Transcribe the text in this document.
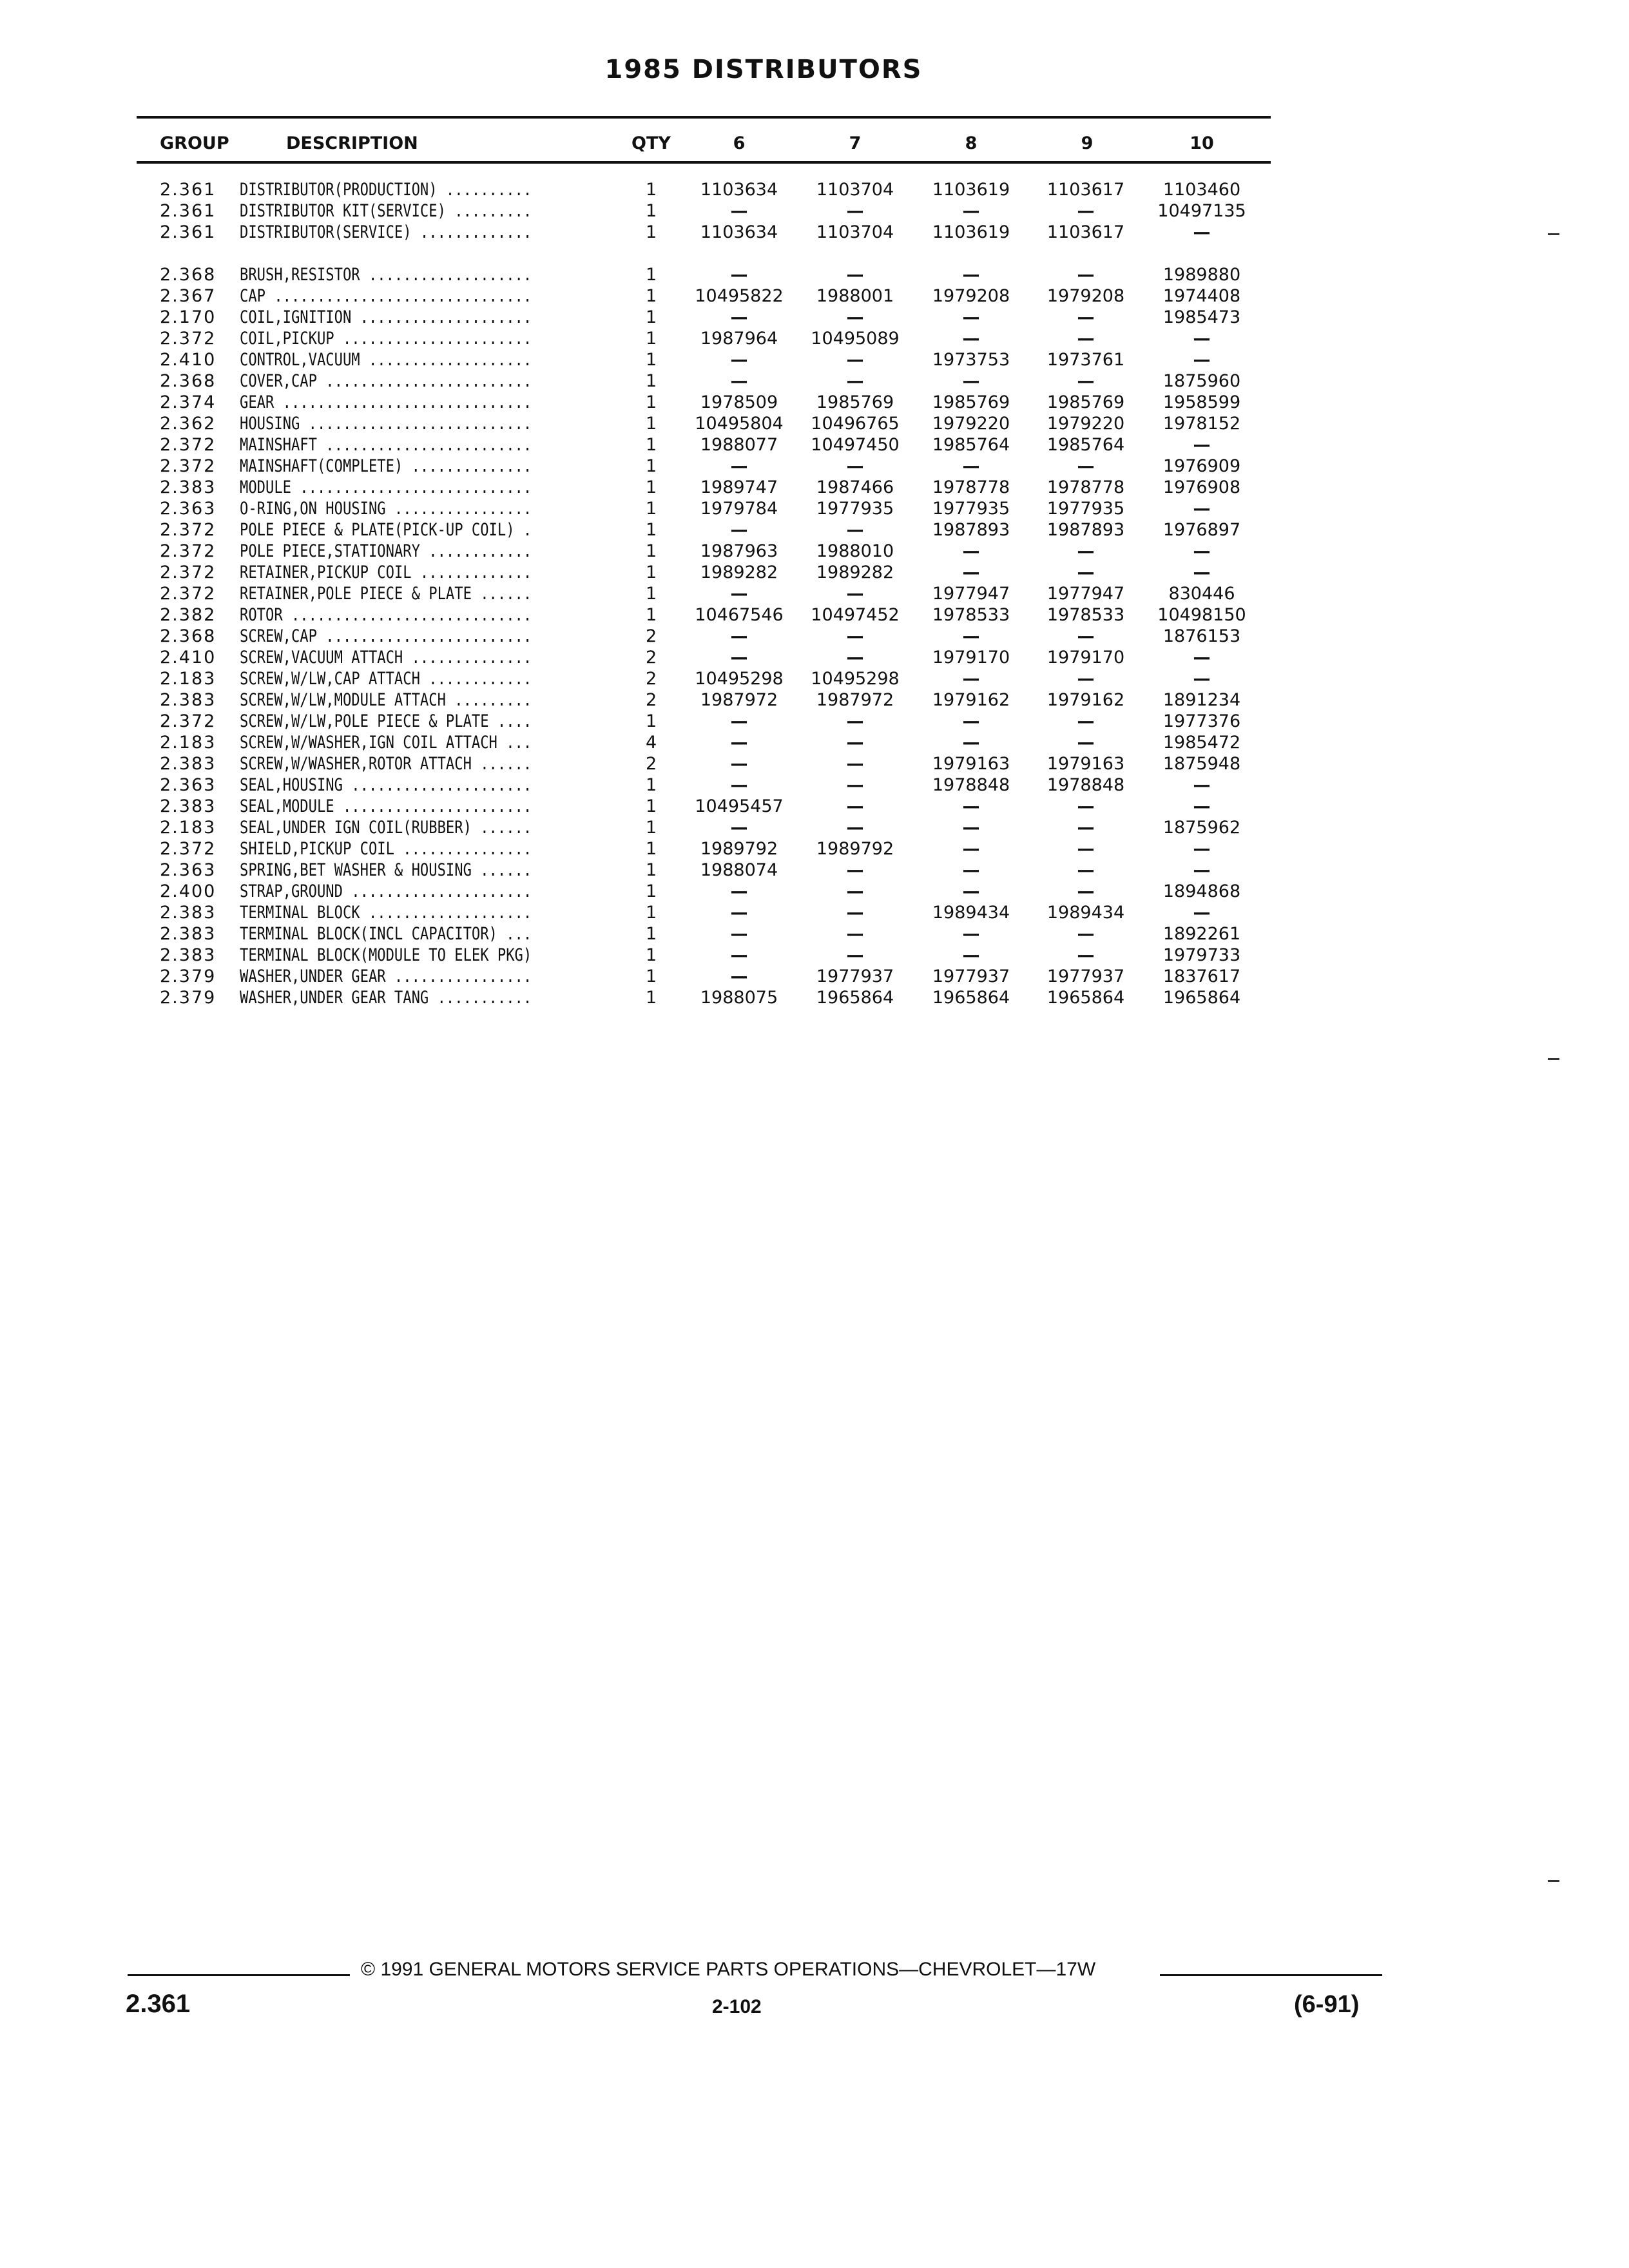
1985 DISTRIBUTORS
GROUP	DESCRIPTION	QTY	6	7	8	9	10
2.361 DISTRIBUTOR(PRODUCTION) ..........	1	1103634	1103704	1103619	1103617	1103460
2.361 DISTRIBUTOR KIT(SERVICE) .........	1	—	—	—	—	10497135
2.361 DISTRIBUTOR(SERVICE) .............	1	1103634	1103704	1103619	1103617	—
2.368 BRUSH,RESISTOR ...................	1	—	—	—	—	1989880
2.367 CAP ..............................	1	10495822	1988001	1979208	1979208	1974408
2.170 COIL,IGNITION ....................	1	—	—	—	—	1985473
2.372 COIL,PICKUP ......................	1	1987964	10495089	—	—	—
2.410 CONTROL,VACUUM ...................	1	—	—	1973753	1973761	—
2.368 COVER,CAP ........................	1	—	—	—	—	1875960
2.374 GEAR .............................	1	1978509	1985769	1985769	1985769	1958599
2.362 HOUSING ..........................	1	10495804	10496765	1979220	1979220	1978152
2.372 MAINSHAFT ........................	1	1988077	10497450	1985764	1985764	—
2.372 MAINSHAFT(COMPLETE) ..............	1	—	—	—	—	1976909
2.383 MODULE ...........................	1	1989747	1987466	1978778	1978778	1976908
2.363 O-RING,ON HOUSING ................	1	1979784	1977935	1977935	1977935	—
2.372 POLE PIECE & PLATE(PICK-UP COIL) .	1	—	—	1987893	1987893	1976897
2.372 POLE PIECE,STATIONARY ............	1	1987963	1988010	—	—	—
2.372 RETAINER,PICKUP COIL .............	1	1989282	1989282	—	—	—
2.372 RETAINER,POLE PIECE & PLATE ......	1	—	—	1977947	1977947	830446
2.382 ROTOR ............................	1	10467546	10497452	1978533	1978533	10498150
2.368 SCREW,CAP ........................	2	—	—	—	—	1876153
2.410 SCREW,VACUUM ATTACH ..............	2	—	—	1979170	1979170	—
2.183 SCREW,W/LW,CAP ATTACH ............	2	10495298	10495298	—	—	—
2.383 SCREW,W/LW,MODULE ATTACH .........	2	1987972	1987972	1979162	1979162	1891234
2.372 SCREW,W/LW,POLE PIECE & PLATE ....	1	—	—	—	—	1977376
2.183 SCREW,W/WASHER,IGN COIL ATTACH ...	4	—	—	—	—	1985472
2.383 SCREW,W/WASHER,ROTOR ATTACH ......	2	—	—	1979163	1979163	1875948
2.363 SEAL,HOUSING .....................	1	—	—	1978848	1978848	—
2.383 SEAL,MODULE ......................	1	10495457	—	—	—	—
2.183 SEAL,UNDER IGN COIL(RUBBER) ......	1	—	—	—	—	1875962
2.372 SHIELD,PICKUP COIL ...............	1	1989792	1989792	—	—	—
2.363 SPRING,BET WASHER & HOUSING ......	1	1988074	—	—	—	—
2.400 STRAP,GROUND .....................	1	—	—	—	—	1894868
2.383 TERMINAL BLOCK ...................	1	—	—	1989434	1989434	—
2.383 TERMINAL BLOCK(INCL CAPACITOR) ...	1	—	—	—	—	1892261
2.383 TERMINAL BLOCK(MODULE TO ELEK PKG)	1	—	—	—	—	1979733
2.379 WASHER,UNDER GEAR ................	1	—	1977937	1977937	1977937	1837617
2.379 WASHER,UNDER GEAR TANG ...........	1	1988075	1965864	1965864	1965864	1965864
© 1991 GENERAL MOTORS SERVICE PARTS OPERATIONS—CHEVROLET—17W
2.361	2-102	(6-91)
